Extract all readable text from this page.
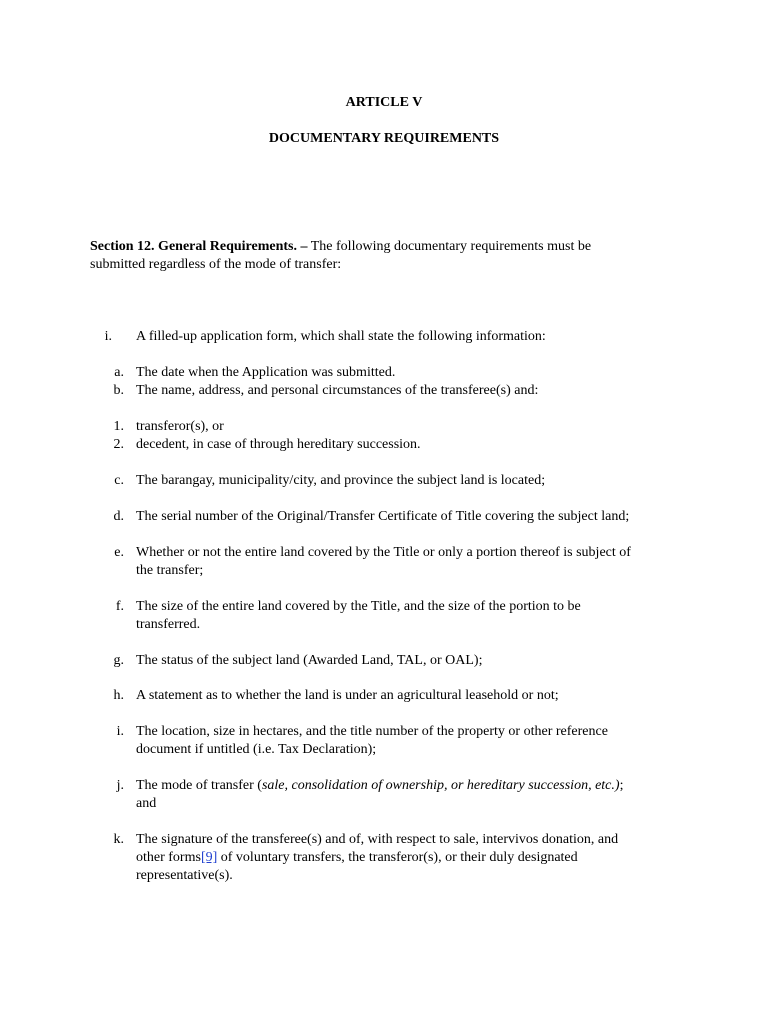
ARTICLE V
DOCUMENTARY REQUIREMENTS
Section 12. General Requirements. – The following documentary requirements must be
submitted regardless of the mode of transfer:
i. A filled-up application form, which shall state the following information:
a. The date when the Application was submitted.
b. The name, address, and personal circumstances of the transferee(s) and:
1. transferor(s), or
2. decedent, in case of through hereditary succession.
c. The barangay, municipality/city, and province the subject land is located;
d. The serial number of the Original/Transfer Certificate of Title covering the subject land;
e. Whether or not the entire land covered by the Title or only a portion thereof is subject of
the transfer;
f. The size of the entire land covered by the Title, and the size of the portion to be
transferred.
g. The status of the subject land (Awarded Land, TAL, or OAL);
h. A statement as to whether the land is under an agricultural leasehold or not;
i. The location, size in hectares, and the title number of the property or other reference
document if untitled (i.e. Tax Declaration);
j. The mode of transfer (sale, consolidation of ownership, or hereditary succession, etc.);
and
k. The signature of the transferee(s) and of, with respect to sale, intervivos donation, and
other forms[9] of voluntary transfers, the transferor(s), or their duly designated
representative(s).
